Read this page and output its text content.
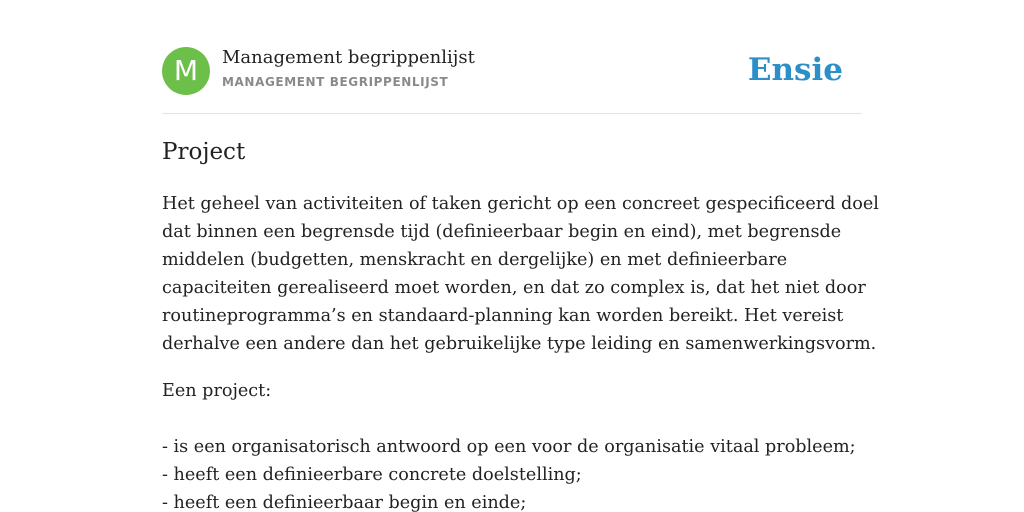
M	Management begrippenlijst
MANAGEMENT BEGRIPPENLIJST	Ensie
Project

Het geheel van activiteiten of taken gericht op een concreet gespecificeerd doel
dat binnen een begrensde tijd (definieerbaar begin en eind), met begrensde
middelen (budgetten, menskracht en dergelijke) en met definieerbare
capaciteiten gerealiseerd moet worden, en dat zo complex is, dat het niet door
routineprogramma’s en standaard-planning kan worden bereikt. Het vereist
derhalve een andere dan het gebruikelijke type leiding en samenwerkingsvorm.

Een project:
- is een organisatorisch antwoord op een voor de organisatie vitaal probleem;
- heeft een definieerbare concrete doelstelling;
- heeft een definieerbaar begin en einde;
